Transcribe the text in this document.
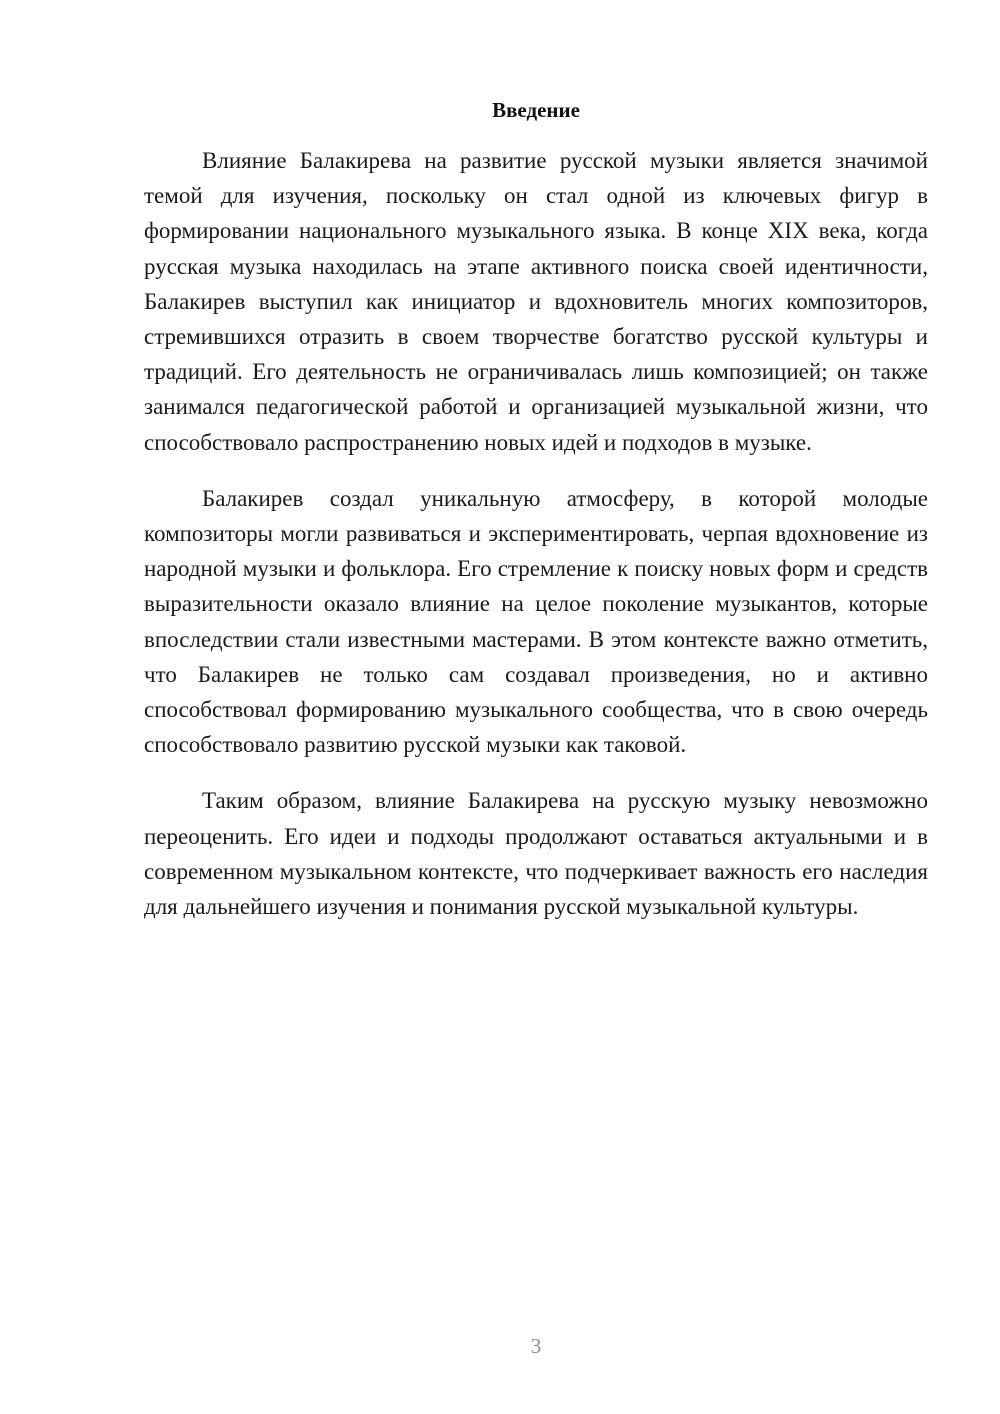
Введение

Влияние Балакирева на развитие русской музыки является значимой темой для изучения, поскольку он стал одной из ключевых фигур в формировании национального музыкального языка. В конце XIX века, когда русская музыка находилась на этапе активного поиска своей идентичности, Балакирев выступил как инициатор и вдохновитель многих композиторов, стремившихся отразить в своем творчестве богатство русской культуры и традиций. Его деятельность не ограничивалась лишь композицией; он также занимался педагогической работой и организацией музыкальной жизни, что способствовало распространению новых идей и подходов в музыке.

Балакирев создал уникальную атмосферу, в которой молодые композиторы могли развиваться и экспериментировать, черпая вдохновение из народной музыки и фольклора. Его стремление к поиску новых форм и средств выразительности оказало влияние на целое поколение музыкантов, которые впоследствии стали известными мастерами. В этом контексте важно отметить, что Балакирев не только сам создавал произведения, но и активно способствовал формированию музыкального сообщества, что в свою очередь способствовало развитию русской музыки как таковой.

Таким образом, влияние Балакирева на русскую музыку невозможно переоценить. Его идеи и подходы продолжают оставаться актуальными и в современном музыкальном контексте, что подчеркивает важность его наследия для дальнейшего изучения и понимания русской музыкальной культуры.

3
